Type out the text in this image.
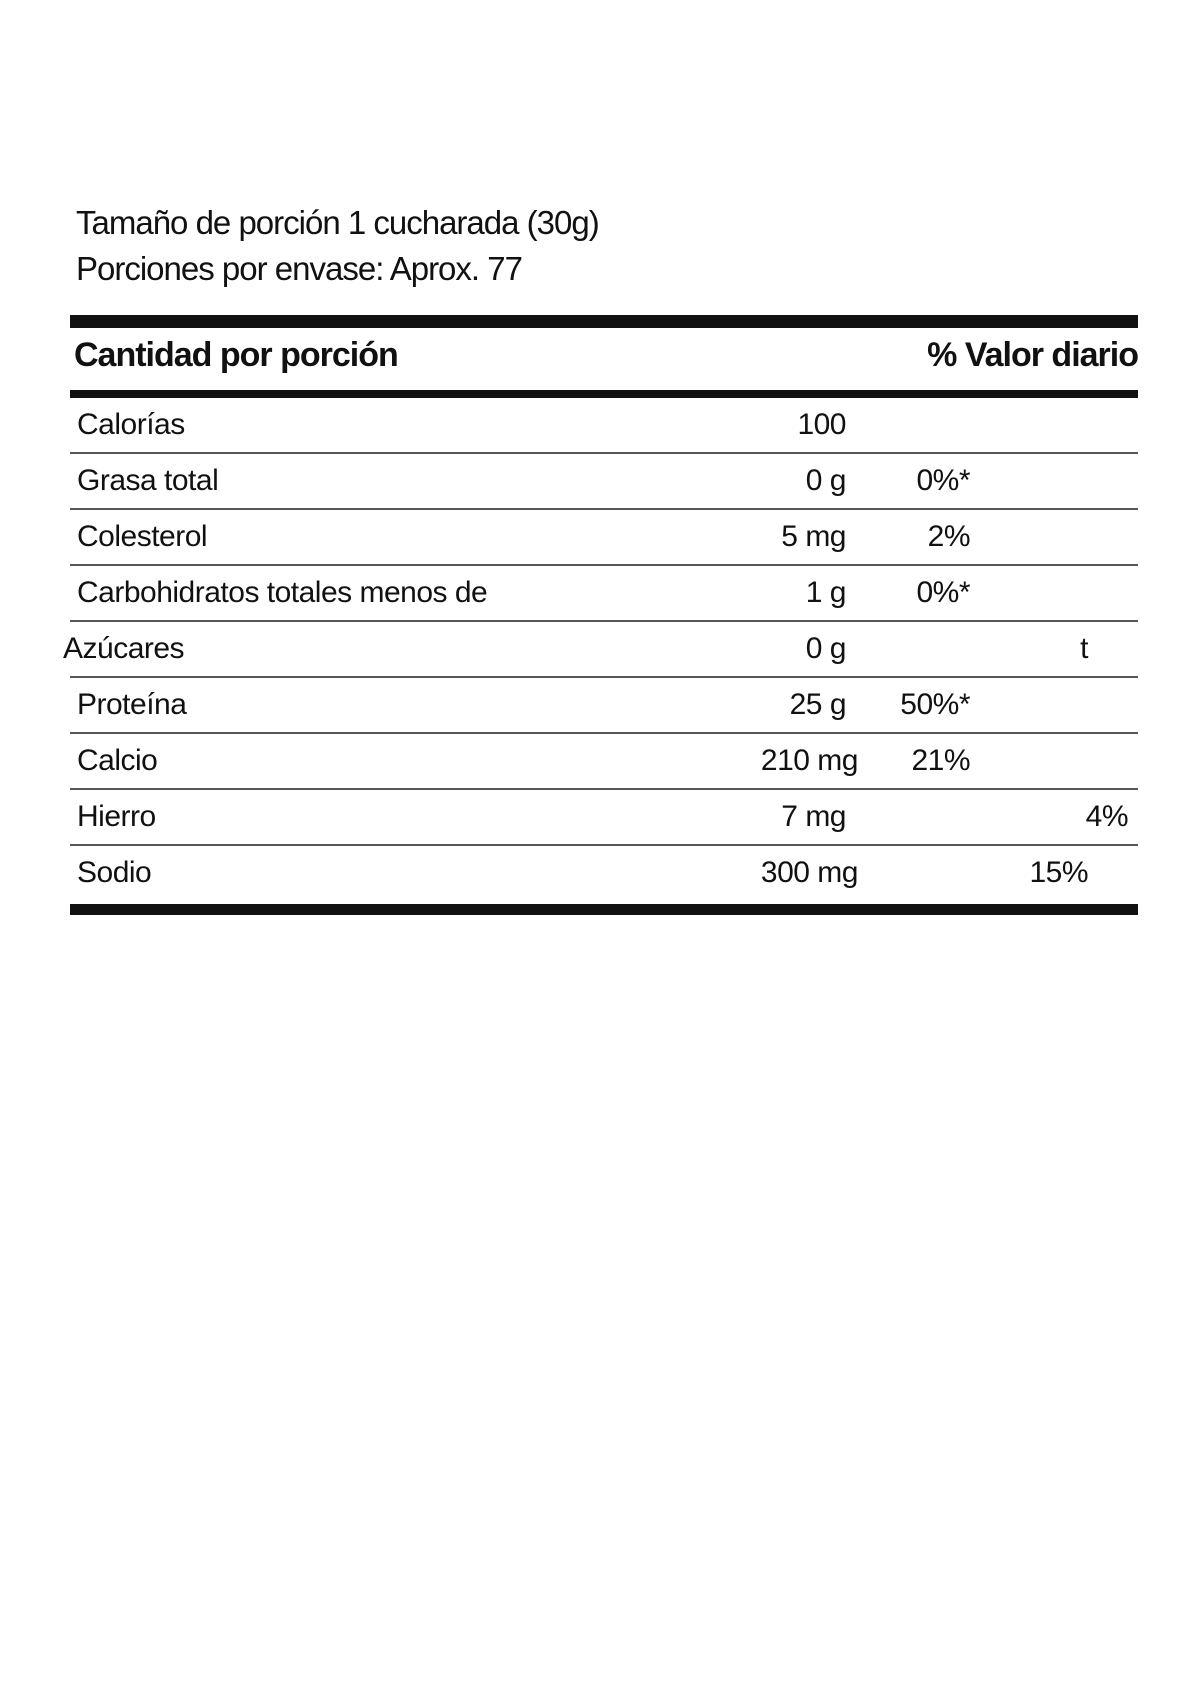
Tamaño de porción 1 cucharada (30g)
Porciones por envase: Aprox. 77
Cantidad por porción	% Valor diario
Calorías	100
Grasa total	0 g 0%*
Colesterol	5 mg	2%
Carbohidratos totales menos de	1 g 0%*
Azúcares	0 g	t
Proteína	25 g 50%*
Calcio	210 mg 21%
Hierro	7 mg	4%
Sodio	300 mg	15%
